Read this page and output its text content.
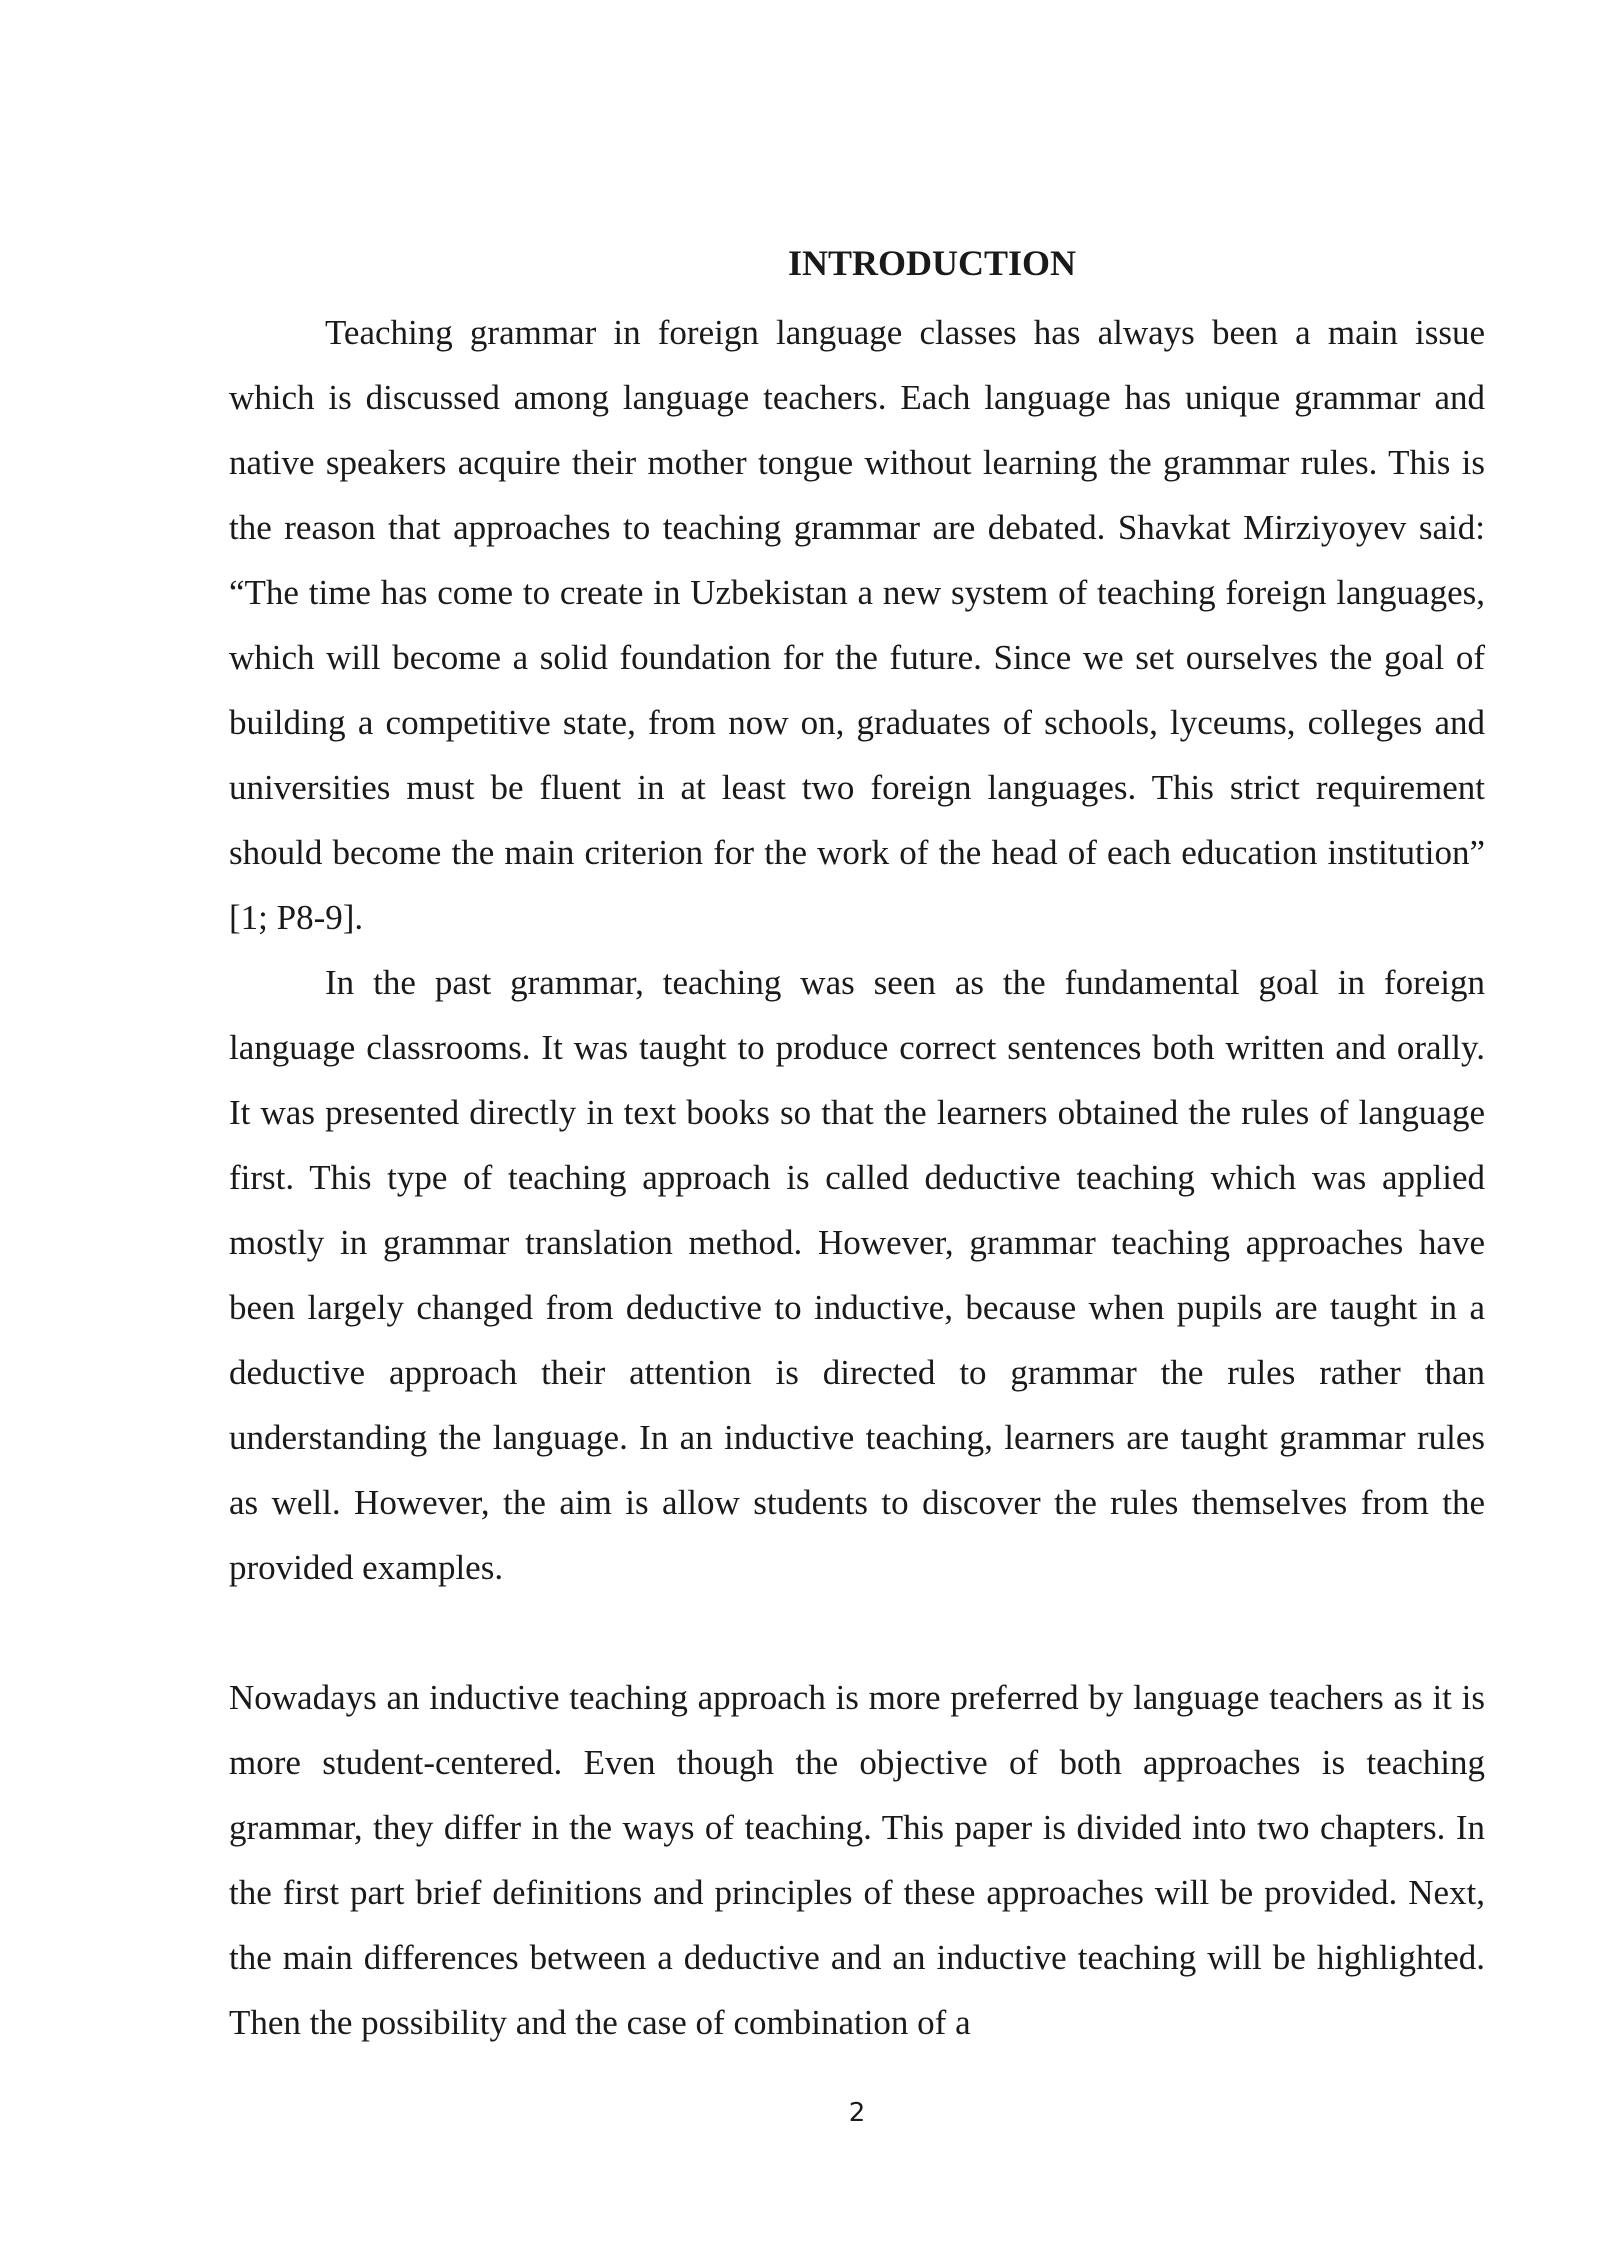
INTRODUCTION

Teaching grammar in foreign language classes has always been a main issue which is discussed among language teachers. Each language has unique grammar and native speakers acquire their mother tongue without learning the grammar rules. This is the reason that approaches to teaching grammar are debated. Shavkat Mirziyoyev said: “The time has come to create in Uzbekistan a new system of teaching foreign languages, which will become a solid foundation for the future. Since we set ourselves the goal of building a competitive state, from now on, graduates of schools, lyceums, colleges and universities must be fluent in at least two foreign languages. This strict requirement should become the main criterion for the work of the head of each education institution” [1; P8-9].

In the past grammar, teaching was seen as the fundamental goal in foreign language classrooms. It was taught to produce correct sentences both written and orally. It was presented directly in text books so that the learners obtained the rules of language first. This type of teaching approach is called deductive teaching which was applied mostly in grammar translation method. However, grammar teaching approaches have been largely changed from deductive to inductive, because when pupils are taught in a deductive approach their attention is directed to grammar the rules rather than understanding the language. In an inductive teaching, learners are taught grammar rules as well. However, the aim is allow students to discover the rules themselves from the provided examples.

Nowadays an inductive teaching approach is more preferred by language teachers as it is more student-centered. Even though the objective of both approaches is teaching grammar, they differ in the ways of teaching. This paper is divided into two chapters. In the first part brief definitions and principles of these approaches will be provided. Next, the main differences between a deductive and an inductive teaching will be highlighted. Then the possibility and the case of combination of a

2
